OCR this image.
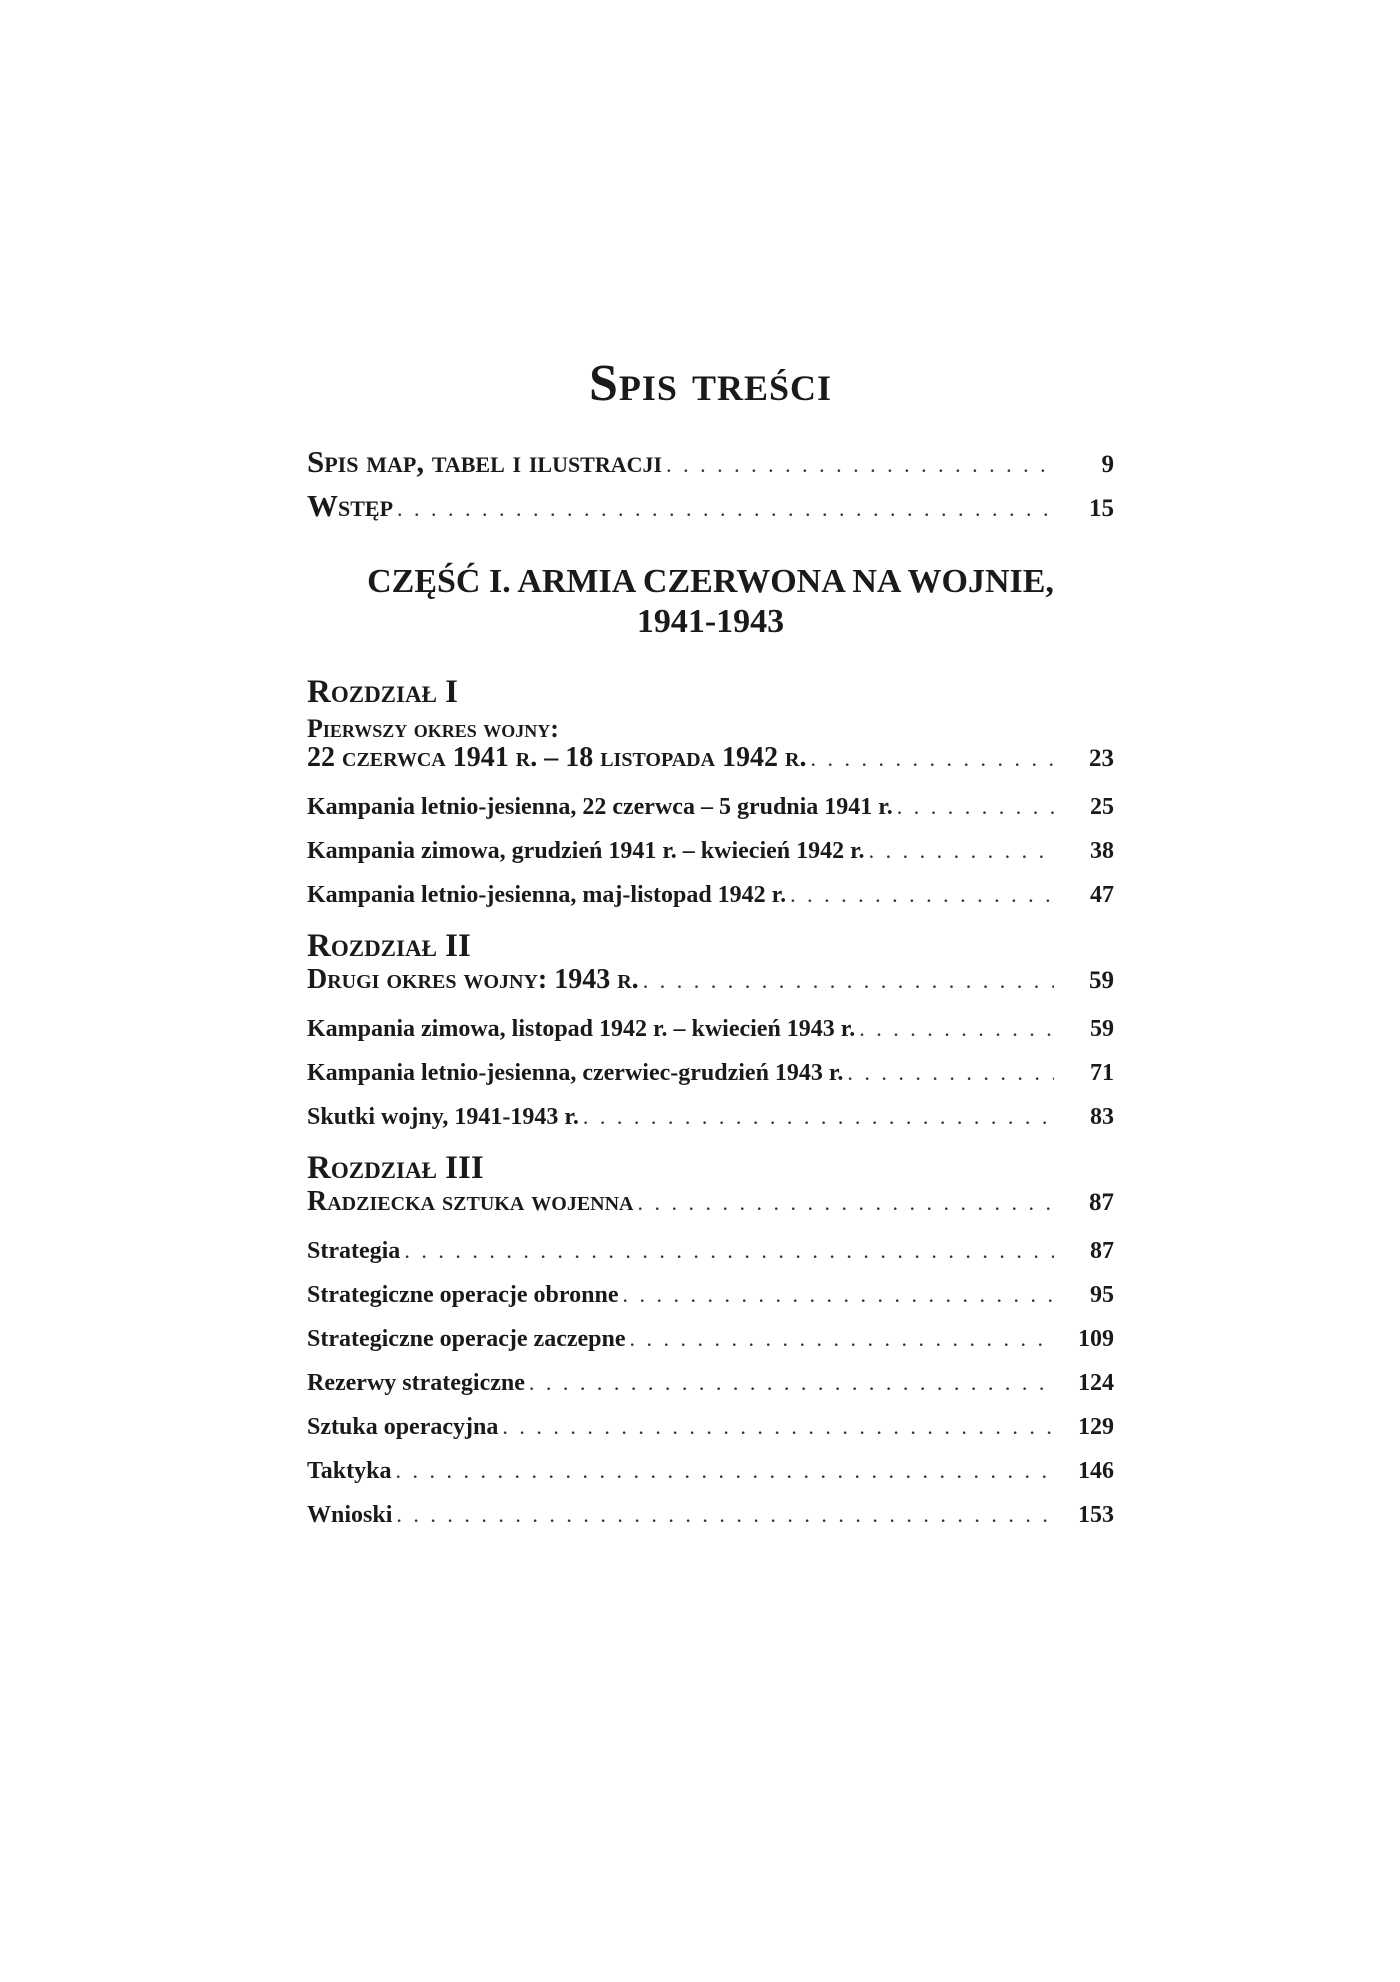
Spis treści
Spis map, tabel i ilustracji . . .	9
Wstęp . . .	15
CZĘŚĆ I. ARMIA CZERWONA NA WOJNIE,
1941-1943
Rozdział I
Pierwszy okres wojny:
22 czerwca 1941 r. – 18 listopada 1942 r. . . .	23
Kampania letnio-jesienna, 22 czerwca – 5 grudnia 1941 r. . . .	25
Kampania zimowa, grudzień 1941 r. – kwiecień 1942 r. . . .	38
Kampania letnio-jesienna, maj-listopad 1942 r. . . .	47
Rozdział II
Drugi okres wojny: 1943 r. . . .	59
Kampania zimowa, listopad 1942 r. – kwiecień 1943 r. . . .	59
Kampania letnio-jesienna, czerwiec-grudzień 1943 r. . . .	71
Skutki wojny, 1941-1943 r. . . .	83
Rozdział III
Radziecka sztuka wojenna . . .	87
Strategia . . .	87
Strategiczne operacje obronne . . .	95
Strategiczne operacje zaczepne . . .	109
Rezerwy strategiczne . . .	124
Sztuka operacyjna . . .	129
Taktyka . . .	146
Wnioski . . .	153
